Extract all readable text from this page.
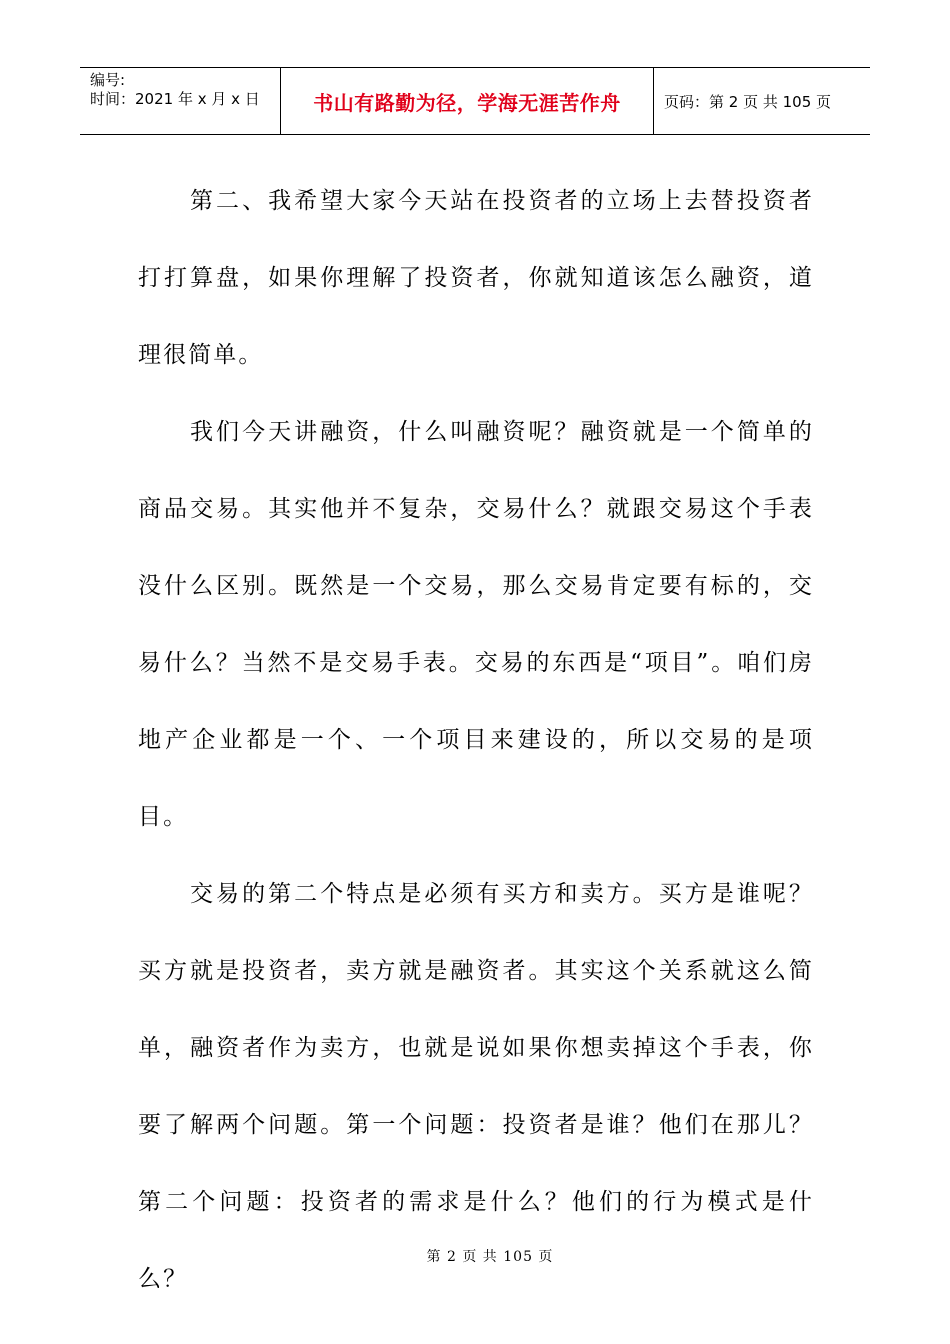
编号:
时间：2021 年 x 月 x 日	书山有路勤为径，学海无涯苦作舟	页码：第 2 页 共 105 页

第二、我希望大家今天站在投资者的立场上去替投资者打打算盘，如果你理解了投资者，你就知道该怎么融资，道理很简单。

我们今天讲融资，什么叫融资呢？融资就是一个简单的商品交易。其实他并不复杂，交易什么？就跟交易这个手表没什么区别。既然是一个交易，那么交易肯定要有标的，交易什么？当然不是交易手表。交易的东西是“项目”。咱们房地产企业都是一个、一个项目来建设的，所以交易的是项目。

交易的第二个特点是必须有买方和卖方。买方是谁呢？买方就是投资者，卖方就是融资者。其实这个关系就这么简单，融资者作为卖方，也就是说如果你想卖掉这个手表，你要了解两个问题。第一个问题：投资者是谁？他们在那儿？第二个问题：投资者的需求是什么？他们的行为模式是什么？

第 2 页 共 105 页
